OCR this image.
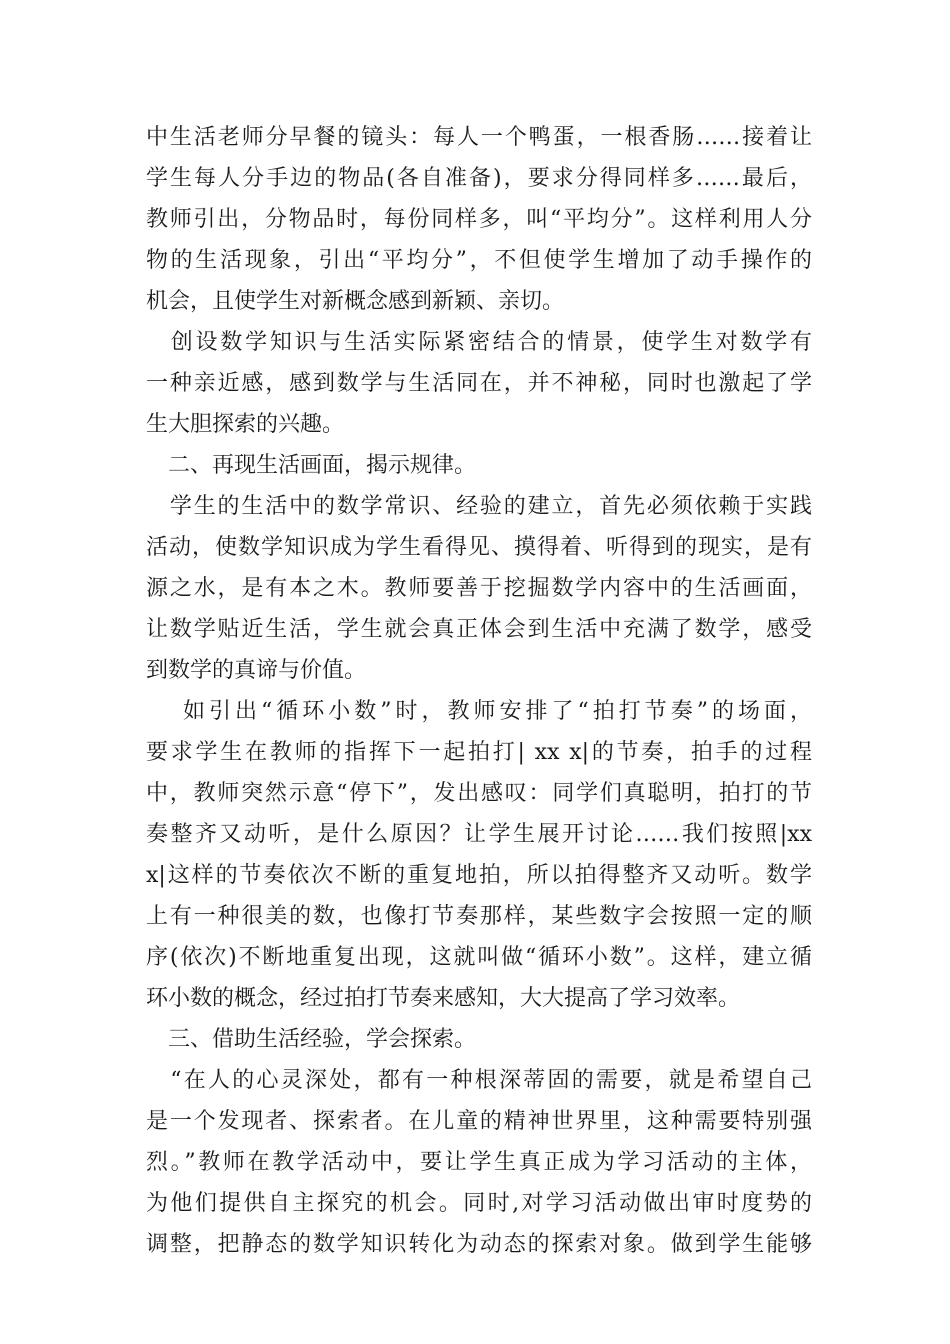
中生活老师分早餐的镜头：每人一个鸭蛋，一根香肠……接着让
学生每人分手边的物品(各自准备)，要求分得同样多……最后，
教师引出，分物品时，每份同样多，叫“平均分”。这样利用人分
物的生活现象，引出“平均分”，不但使学生增加了动手操作的
机会，且使学生对新概念感到新颖、亲切。
　创设数学知识与生活实际紧密结合的情景，使学生对数学有
一种亲近感，感到数学与生活同在，并不神秘，同时也激起了学
生大胆探索的兴趣。
　二、再现生活画面，揭示规律。
　学生的生活中的数学常识、经验的建立，首先必须依赖于实践
活动，使数学知识成为学生看得见、摸得着、听得到的现实，是有
源之水，是有本之木。教师要善于挖掘数学内容中的生活画面，
让数学贴近生活，学生就会真正体会到生活中充满了数学，感受
到数学的真谛与价值。
　 如引出“循环小数”时，教师安排了“拍打节奏”的场面，
要求学生在教师的指挥下一起拍打| xx x|的节奏，拍手的过程
中，教师突然示意“停下”，发出感叹：同学们真聪明，拍打的节
奏整齐又动听，是什么原因？让学生展开讨论……我们按照|xx
x|这样的节奏依次不断的重复地拍，所以拍得整齐又动听。数学
上有一种很美的数，也像打节奏那样，某些数字会按照一定的顺
序(依次)不断地重复出现，这就叫做“循环小数”。这样，建立循
环小数的概念，经过拍打节奏来感知，大大提高了学习效率。
　三、借助生活经验，学会探索。
　“在人的心灵深处，都有一种根深蒂固的需要，就是希望自己
是一个发现者、探索者。在儿童的精神世界里，这种需要特别强
烈。”教师在教学活动中，要让学生真正成为学习活动的主体，
为他们提供自主探究的机会。同时,对学习活动做出审时度势的
调整，把静态的数学知识转化为动态的探索对象。做到学生能够
